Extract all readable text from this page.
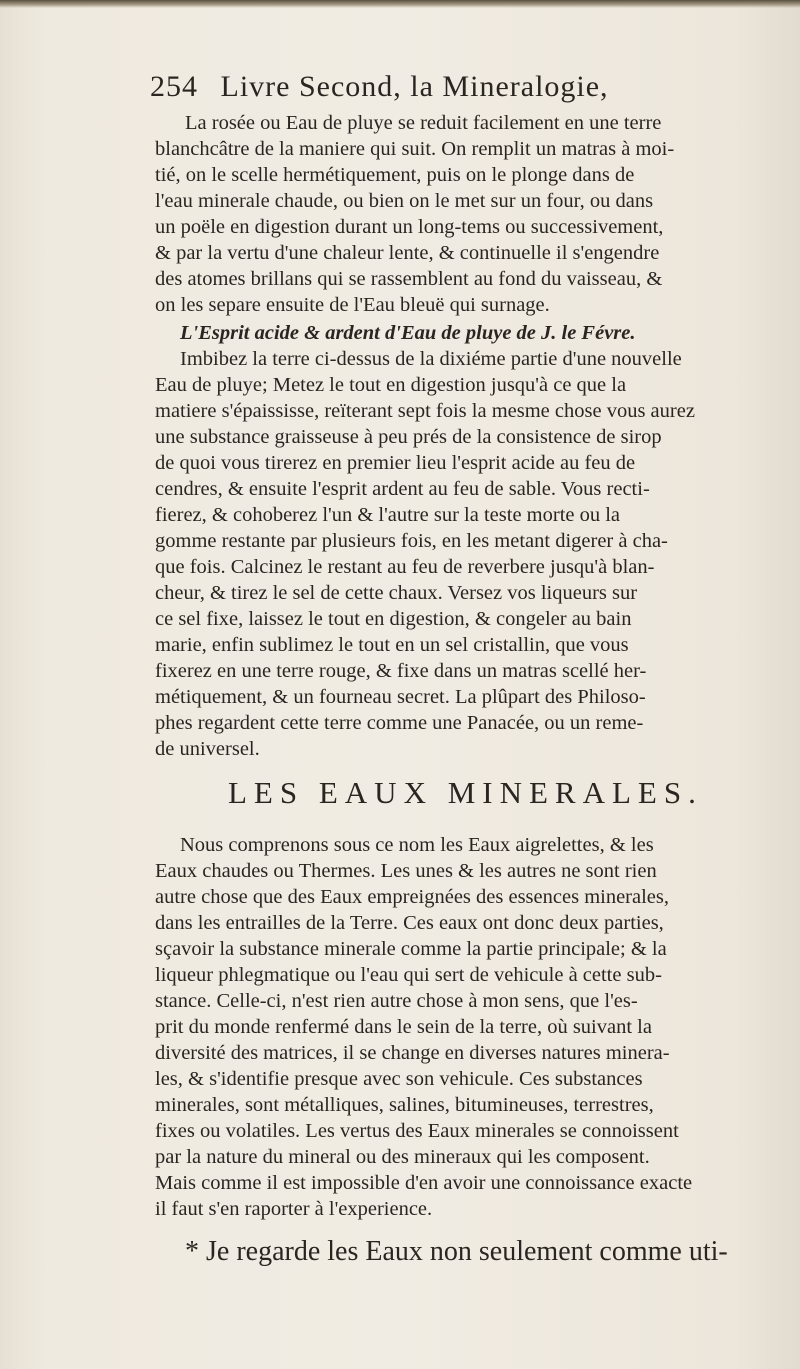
254 Livre Second, la Mineralogie,
La rosée ou Eau de pluye se reduit facilement en une terre
blanchcâtre de la maniere qui suit. On remplit un matras à moi-
tié, on le scelle hermétiquement, puis on le plonge dans de
l'eau minerale chaude, ou bien on le met sur un four, ou dans
un poële en digestion durant un long-tems ou successivement,
& par la vertu d'une chaleur lente, & continuelle il s'engendre
des atomes brillans qui se rassemblent au fond du vaisseau, &
on les separe ensuite de l'Eau bleuë qui surnage.
L'Esprit acide & ardent d'Eau de pluye de J. le Févre.
Imbibez la terre ci-dessus de la dixiéme partie d'une nouvelle
Eau de pluye; Metez le tout en digestion jusqu'à ce que la
matiere s'épaississe, reïterant sept fois la mesme chose vous aurez
une substance graisseuse à peu prés de la consistence de sirop
de quoi vous tirerez en premier lieu l'esprit acide au feu de
cendres, & ensuite l'esprit ardent au feu de sable. Vous recti-
fierez, & cohoberez l'un & l'autre sur la teste morte ou la
gomme restante par plusieurs fois, en les metant digerer à cha-
que fois. Calcinez le restant au feu de reverbere jusqu'à blan-
cheur, & tirez le sel de cette chaux. Versez vos liqueurs sur
ce sel fixe, laissez le tout en digestion, & congeler au bain
marie, enfin sublimez le tout en un sel cristallin, que vous
fixerez en une terre rouge, & fixe dans un matras scellé her-
métiquement, & un fourneau secret. La plûpart des Philoso-
phes regardent cette terre comme une Panacée, ou un reme-
de universel.
LES EAUX MINERALES.
Nous comprenons sous ce nom les Eaux aigrelettes, & les
Eaux chaudes ou Thermes. Les unes & les autres ne sont rien
autre chose que des Eaux empreignées des essences minerales,
dans les entrailles de la Terre. Ces eaux ont donc deux parties,
sçavoir la substance minerale comme la partie principale; & la
liqueur phlegmatique ou l'eau qui sert de vehicule à cette sub-
stance. Celle-ci, n'est rien autre chose à mon sens, que l'es-
prit du monde renfermé dans le sein de la terre, où suivant la
diversité des matrices, il se change en diverses natures minera-
les, & s'identifie presque avec son vehicule. Ces substances
minerales, sont métalliques, salines, bitumineuses, terrestres,
fixes ou volatiles. Les vertus des Eaux minerales se connoissent
par la nature du mineral ou des mineraux qui les composent.
Mais comme il est impossible d'en avoir une connoissance exacte
il faut s'en raporter à l'experience.
* Je regarde les Eaux non seulement comme uti-
